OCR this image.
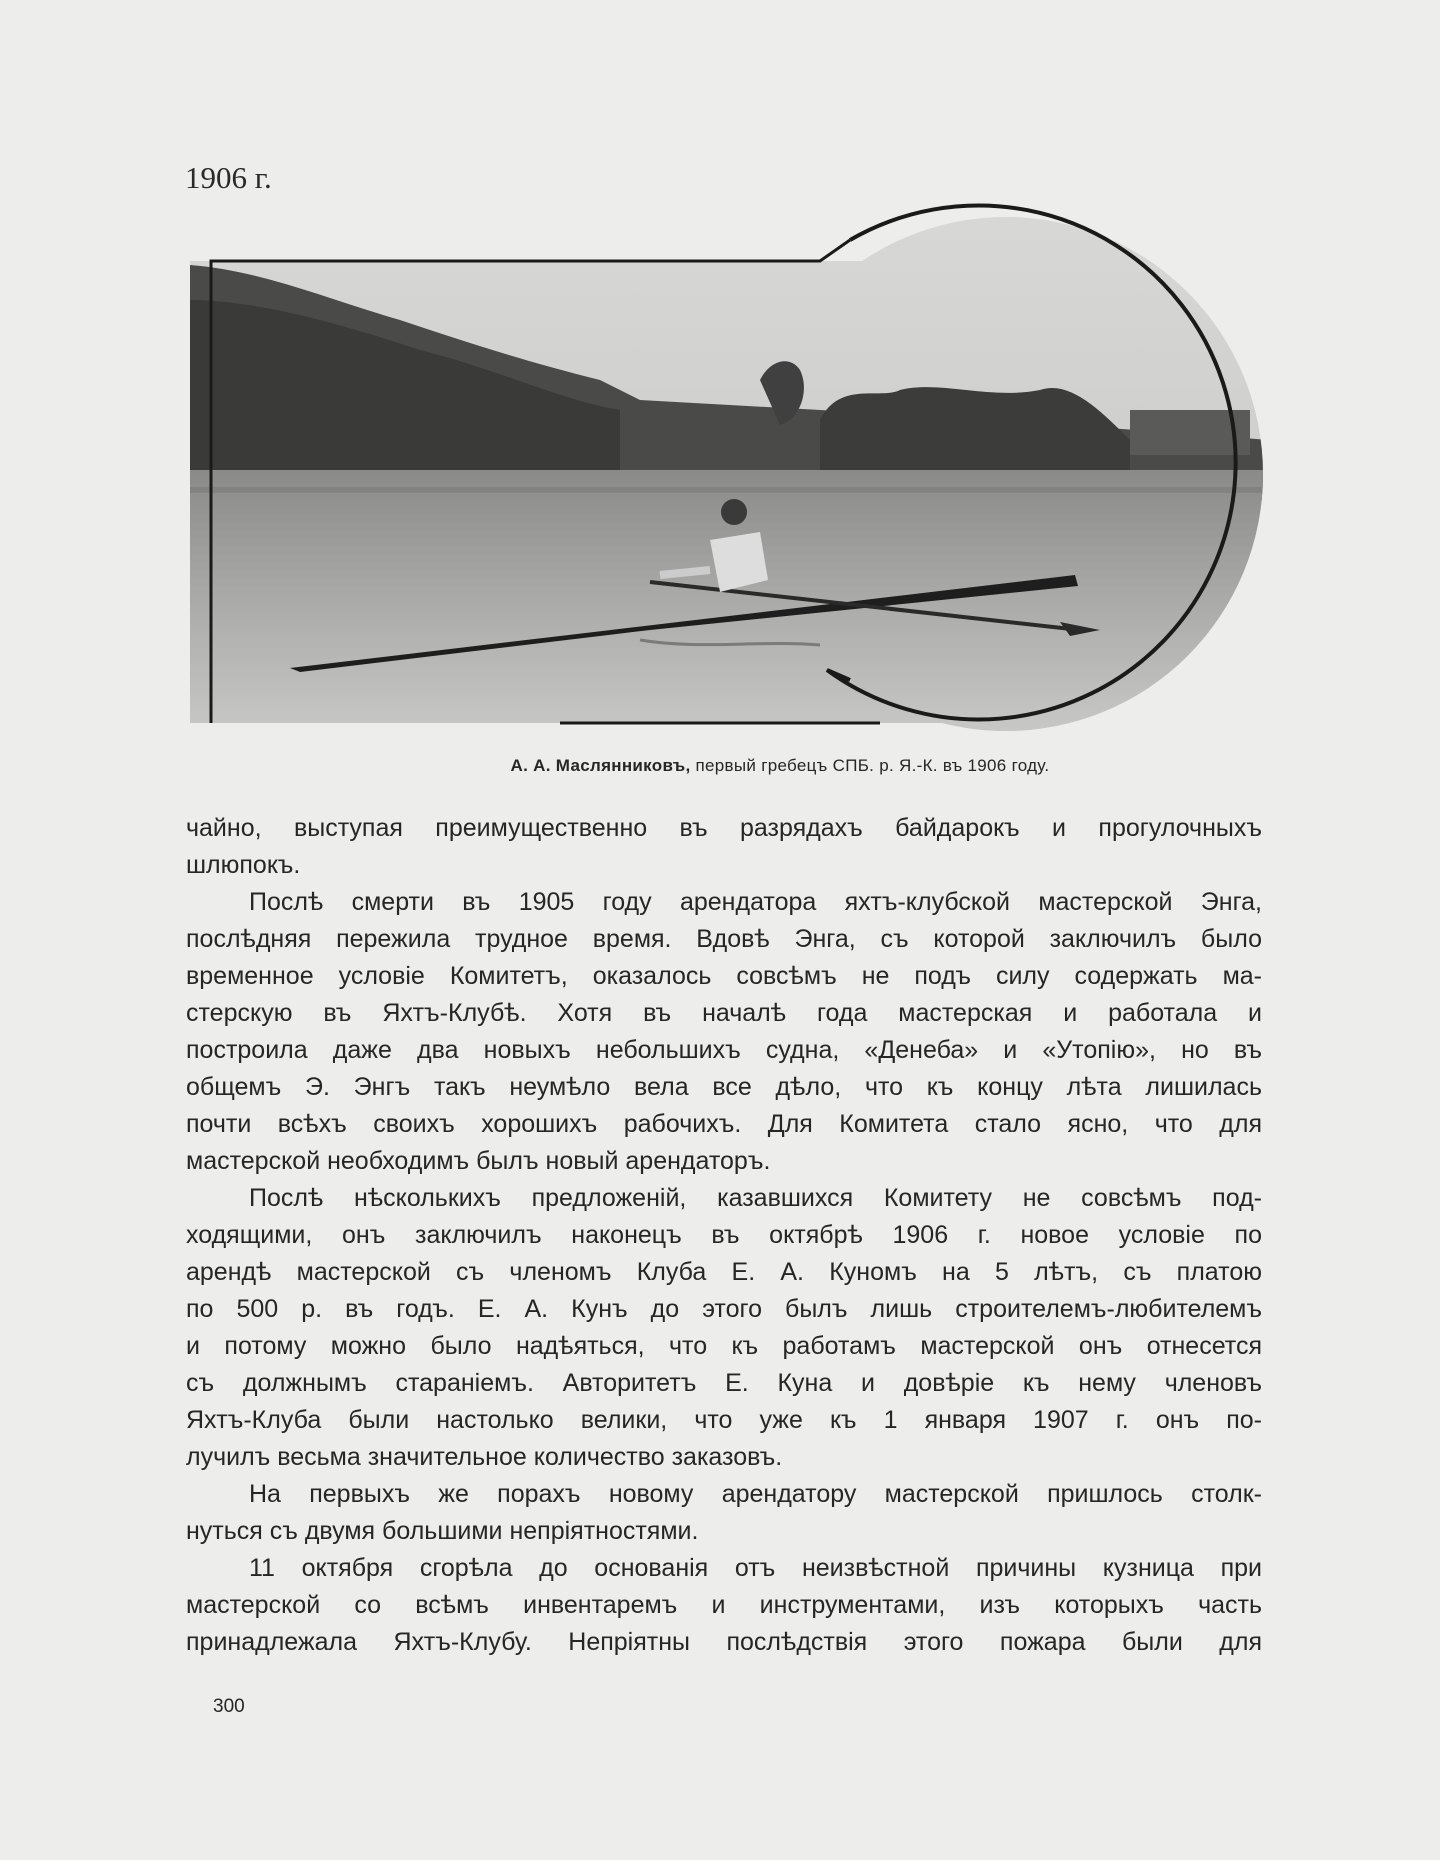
1906 г.
А. А. Маслянниковъ, первый гребецъ СПБ. р. Я.-К. въ 1906 году.
чайно, выступая преимущественно въ разрядахъ байдарокъ и прогулочныхъ
шлюпокъ.
Послѣ смерти въ 1905 году арендатора яхтъ-клубской мастерской Энга,
послѣдняя пережила трудное время. Вдовѣ Энга, съ которой заключилъ было
временное условіе Комитетъ, оказалось совсѣмъ не подъ силу содержать ма-
стерскую въ Яхтъ-Клубѣ. Хотя въ началѣ года мастерская и работала и
построила даже два новыхъ небольшихъ судна, «Денеба» и «Утопію», но въ
общемъ Э. Энгъ такъ неумѣло вела все дѣло, что къ концу лѣта лишилась
почти всѣхъ своихъ хорошихъ рабочихъ. Для Комитета стало ясно, что для
мастерской необходимъ былъ новый арендаторъ.
Послѣ нѣсколькихъ предложеній, казавшихся Комитету не совсѣмъ под-
ходящими, онъ заключилъ наконецъ въ октябрѣ 1906 г. новое условіе по
арендѣ мастерской съ членомъ Клуба Е. А. Куномъ на 5 лѣтъ, съ платою
по 500 р. въ годъ. Е. А. Кунъ до этого былъ лишь строителемъ-любителемъ
и потому можно было надѣяться, что къ работамъ мастерской онъ отнесется
съ должнымъ стараніемъ. Авторитетъ Е. Куна и довѣріе къ нему членовъ
Яхтъ-Клуба были настолько велики, что уже къ 1 января 1907 г. онъ по-
лучилъ весьма значительное количество заказовъ.
На первыхъ же порахъ новому арендатору мастерской пришлось столк-
нуться съ двумя большими непріятностями.
11 октября сгорѣла до основанія отъ неизвѣстной причины кузница при
мастерской со всѣмъ инвентаремъ и инструментами, изъ которыхъ часть
принадлежала Яхтъ-Клубу. Непріятны послѣдствія этого пожара были для
300
